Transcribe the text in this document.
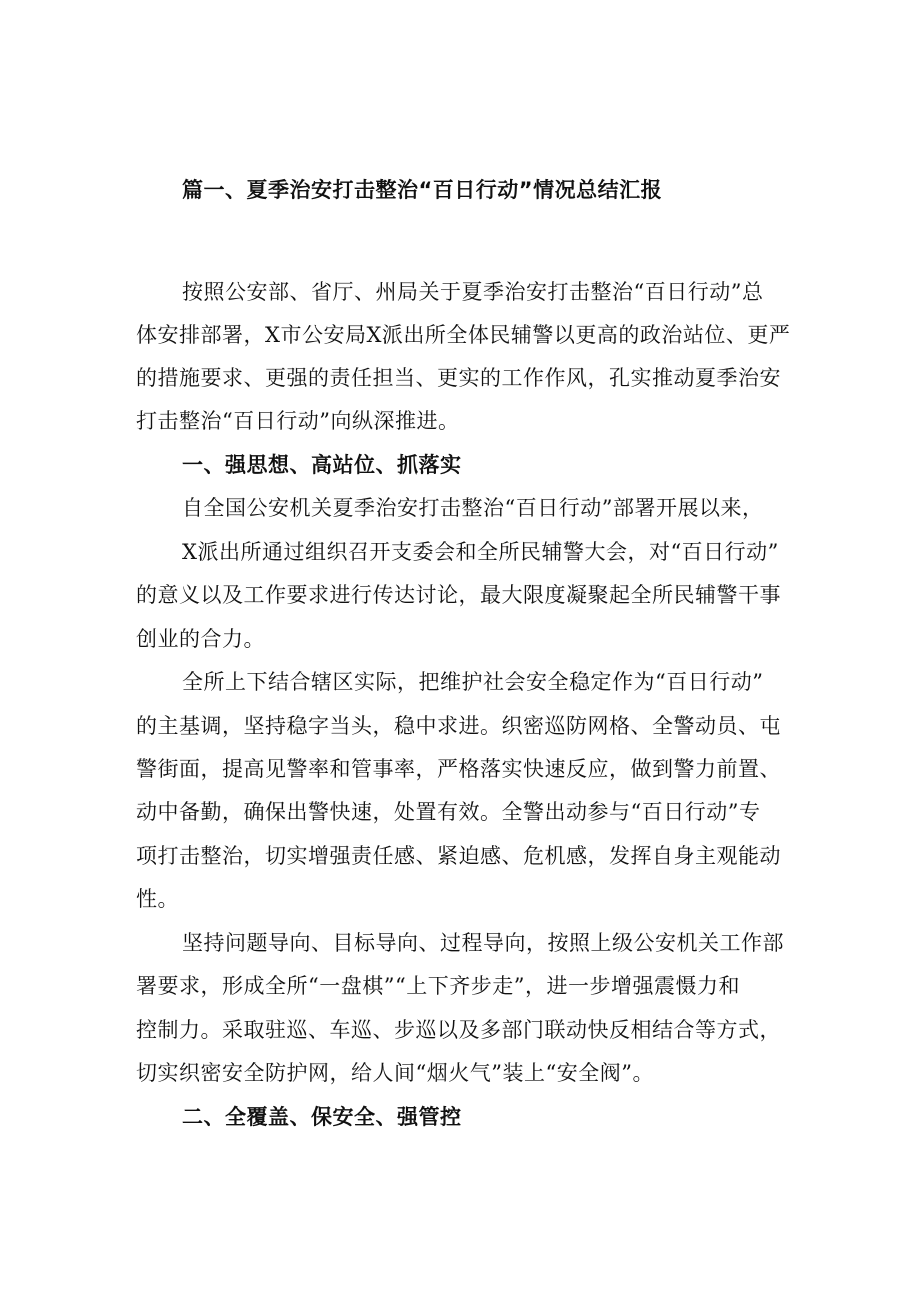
篇一、夏季治安打击整治“百日行动”情况总结汇报
按照公安部、省厅、州局关于夏季治安打击整治“百日行动”总
体安排部署，X市公安局X派出所全体民辅警以更高的政治站位、更严
的措施要求、更强的责任担当、更实的工作作风，孔实推动夏季治安
打击整治“百日行动”向纵深推进。
一、强思想、高站位、抓落实
自全国公安机关夏季治安打击整治“百日行动”部署开展以来，
X派出所通过组织召开支委会和全所民辅警大会，对“百日行动”
的意义以及工作要求进行传达讨论，最大限度凝聚起全所民辅警干事
创业的合力。
全所上下结合辖区实际，把维护社会安全稳定作为“百日行动”
的主基调，坚持稳字当头，稳中求进。织密巡防网格、全警动员、屯
警街面，提高见警率和管事率，严格落实快速反应，做到警力前置、
动中备勤，确保出警快速，处置有效。全警出动参与“百日行动”专
项打击整治，切实增强责任感、紧迫感、危机感，发挥自身主观能动
性。
坚持问题导向、目标导向、过程导向，按照上级公安机关工作部
署要求，形成全所“一盘棋”“上下齐步走”，进一步增强震慑力和
控制力。采取驻巡、车巡、步巡以及多部门联动快反相结合等方式，
切实织密安全防护网，给人间“烟火气”装上“安全阀”。
二、全覆盖、保安全、强管控
